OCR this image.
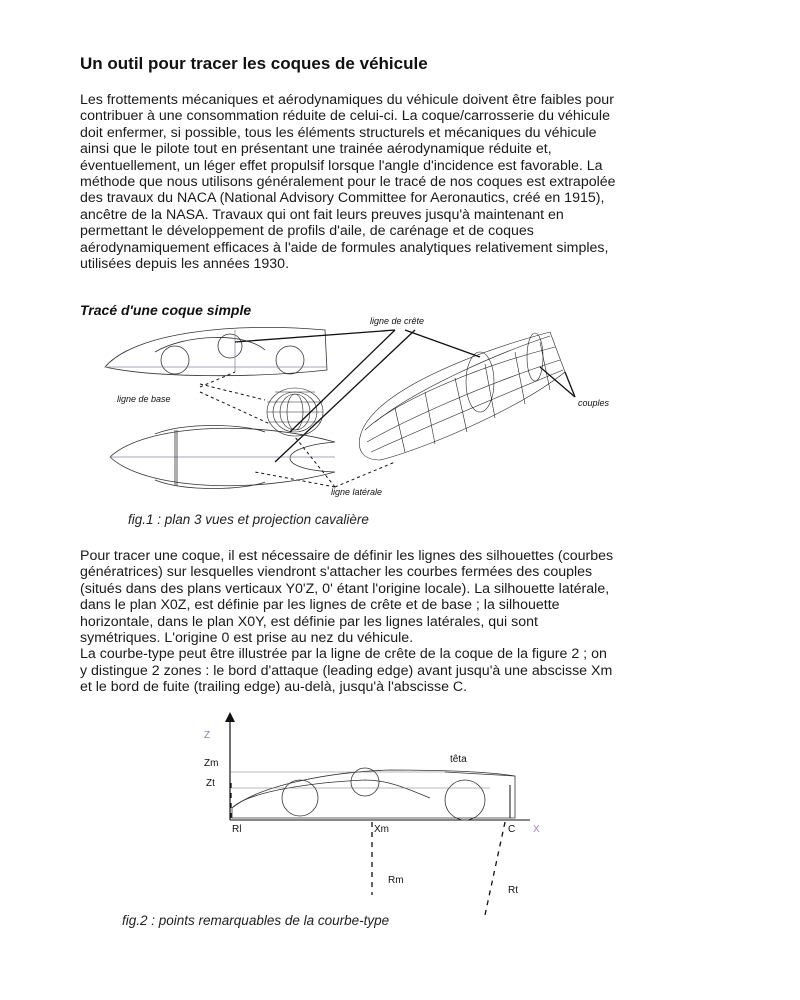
Un outil pour tracer les coques de véhicule
Les frottements mécaniques et aérodynamiques du véhicule doivent être faibles pour
contribuer à une consommation réduite de celui-ci. La coque/carrosserie du véhicule
doit enfermer, si possible, tous les éléments structurels et mécaniques du véhicule
ainsi que le pilote tout en présentant une trainée aérodynamique réduite et,
éventuellement, un léger effet propulsif lorsque l'angle d'incidence est favorable. La
méthode que nous utilisons généralement pour le tracé de nos coques est extrapolée
des travaux du NACA (National Advisory Committee for Aeronautics, créé en 1915),
ancêtre de la NASA. Travaux qui ont fait leurs preuves jusqu'à maintenant en
permettant le développement de profils d'aile, de carénage et de coques
aérodynamiquement efficaces à l'aide de formules analytiques relativement simples,
utilisées depuis les années 1930.
Tracé d'une coque simple
ligne de crête
ligne de base	couples
ligne latérale
fig.1 : plan 3 vues et projection cavalière
Pour tracer une coque, il est nécessaire de définir les lignes des silhouettes (courbes
génératrices) sur lesquelles viendront s'attacher les courbes fermées des couples
(situés dans des plans verticaux Y0'Z, 0' étant l'origine locale). La silhouette latérale,
dans le plan X0Z, est définie par les lignes de crête et de base ; la silhouette
horizontale, dans le plan X0Y, est définie par les lignes latérales, qui sont
symétriques. L'origine 0 est prise au nez du véhicule.
La courbe-type peut être illustrée par la ligne de crête de la coque de la figure 2 ; on
y distingue 2 zones : le bord d'attaque (leading edge) avant jusqu'à une abscisse Xm
et le bord de fuite (trailing edge) au-delà, jusqu'à l'abscisse C.
Z
Zm
Zt
têta
Rl	Xm	C X
Rm
Rt
fig.2 : points remarquables de la courbe-type
